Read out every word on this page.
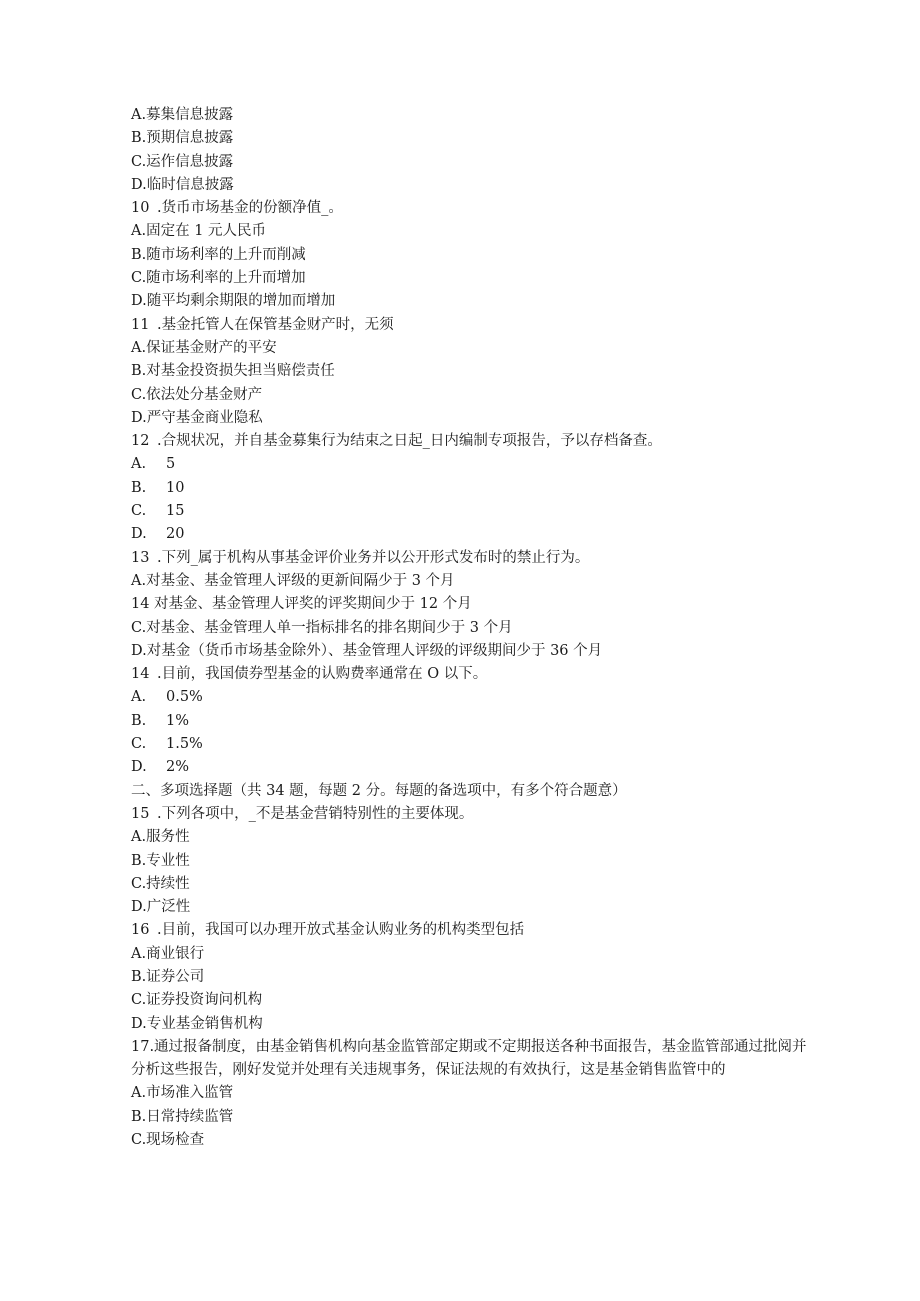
A.募集信息披露
B.预期信息披露
C.运作信息披露
D.临时信息披露
10 .货币市场基金的份额净值_。
A.固定在 1 元人民币
B.随市场利率的上升而削减
C.随市场利率的上升而增加
D.随平均剩余期限的增加而增加
11 .基金托管人在保管基金财产时，无须
A.保证基金财产的平安
B.对基金投资损失担当赔偿责任
C.依法处分基金财产
D.严守基金商业隐私
12 .合规状况，并自基金募集行为结束之日起_日内编制专项报告，予以存档备查。
A.	5
B.	10
C.	15
D.	20
13 .下列_属于机构从事基金评价业务并以公开形式发布时的禁止行为。
A.对基金、基金管理人评级的更新间隔少于 3 个月
14 对基金、基金管理人评奖的评奖期间少于 12 个月
C.对基金、基金管理人单一指标排名的排名期间少于 3 个月
D.对基金（货币市场基金除外）、基金管理人评级的评级期间少于 36 个月
14 .目前，我国债券型基金的认购费率通常在 O 以下。
A.	0.5%
B.	1%
C.	1.5%
D.	2%
二、多项选择题（共 34 题，每题 2 分。每题的备选项中，有多个符合题意）
15 .下列各项中，_不是基金营销特别性的主要体现。
A.服务性
B.专业性
C.持续性
D.广泛性
16 .目前，我国可以办理开放式基金认购业务的机构类型包括
A.商业银行
B.证券公司
C.证券投资询问机构
D.专业基金销售机构
17.通过报备制度，由基金销售机构向基金监管部定期或不定期报送各种书面报告，基金监管部通过批阅并分析这些报告，刚好发觉并处理有关违规事务，保证法规的有效执行，这是基金销售监管中的
A.市场准入监管
B.日常持续监管
C.现场检查
